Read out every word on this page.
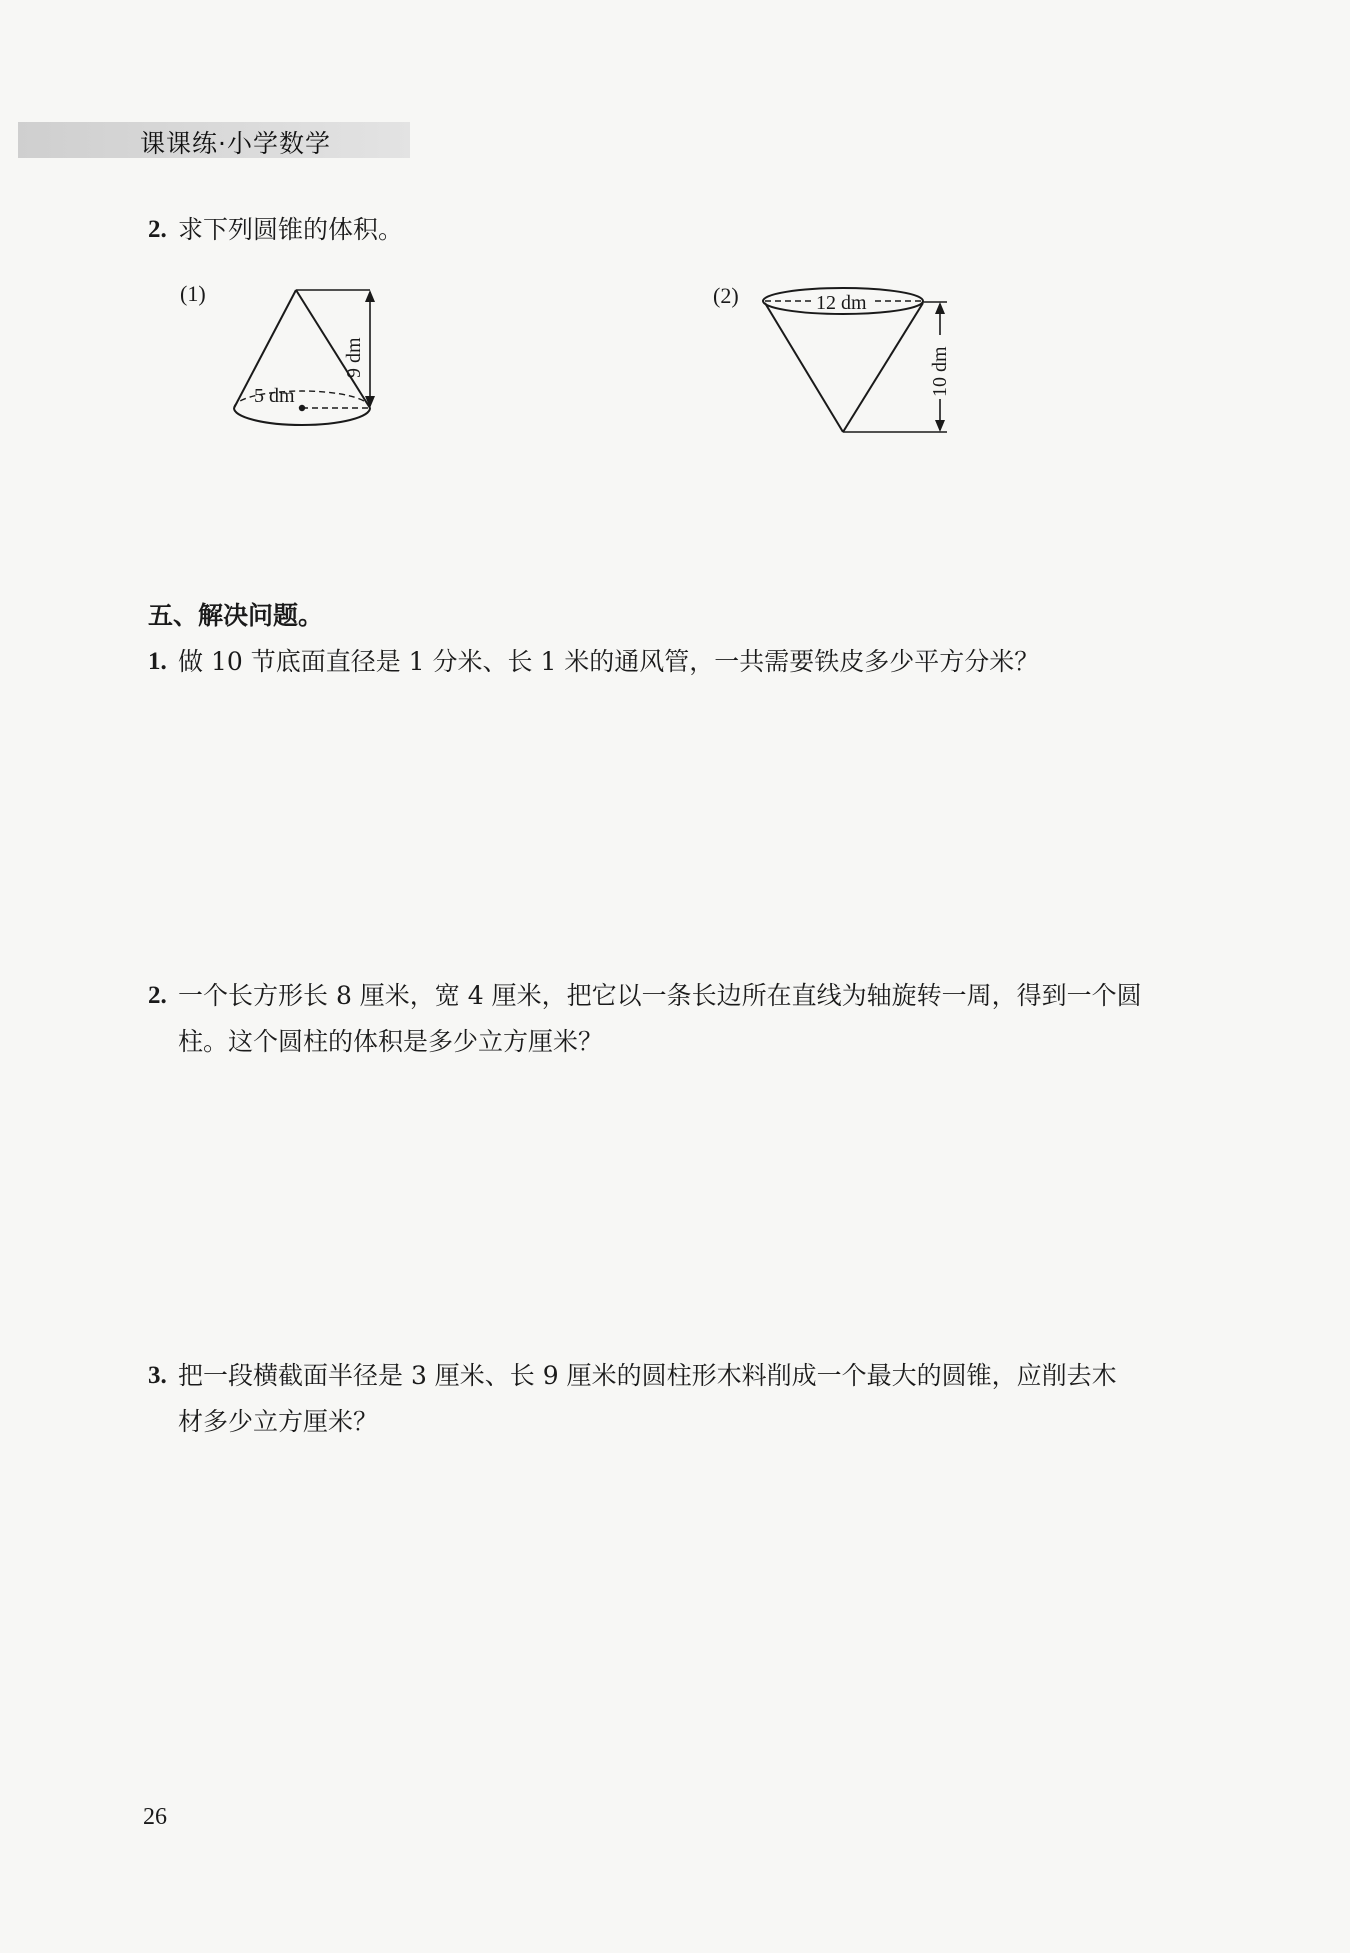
课课练·小学数学
2. 求下列圆锥的体积。
(1)
5 dm
9 dm
(2)	12 dm
10 dm
五、解决问题。
1. 做 10 节底面直径是 1 分米、长 1 米的通风管，一共需要铁皮多少平方分米？
2. 一个长方形长 8 厘米，宽 4 厘米，把它以一条长边所在直线为轴旋转一周，得到一个圆
柱。这个圆柱的体积是多少立方厘米？
3. 把一段横截面半径是 3 厘米、长 9 厘米的圆柱形木料削成一个最大的圆锥，应削去木
材多少立方厘米？
26
